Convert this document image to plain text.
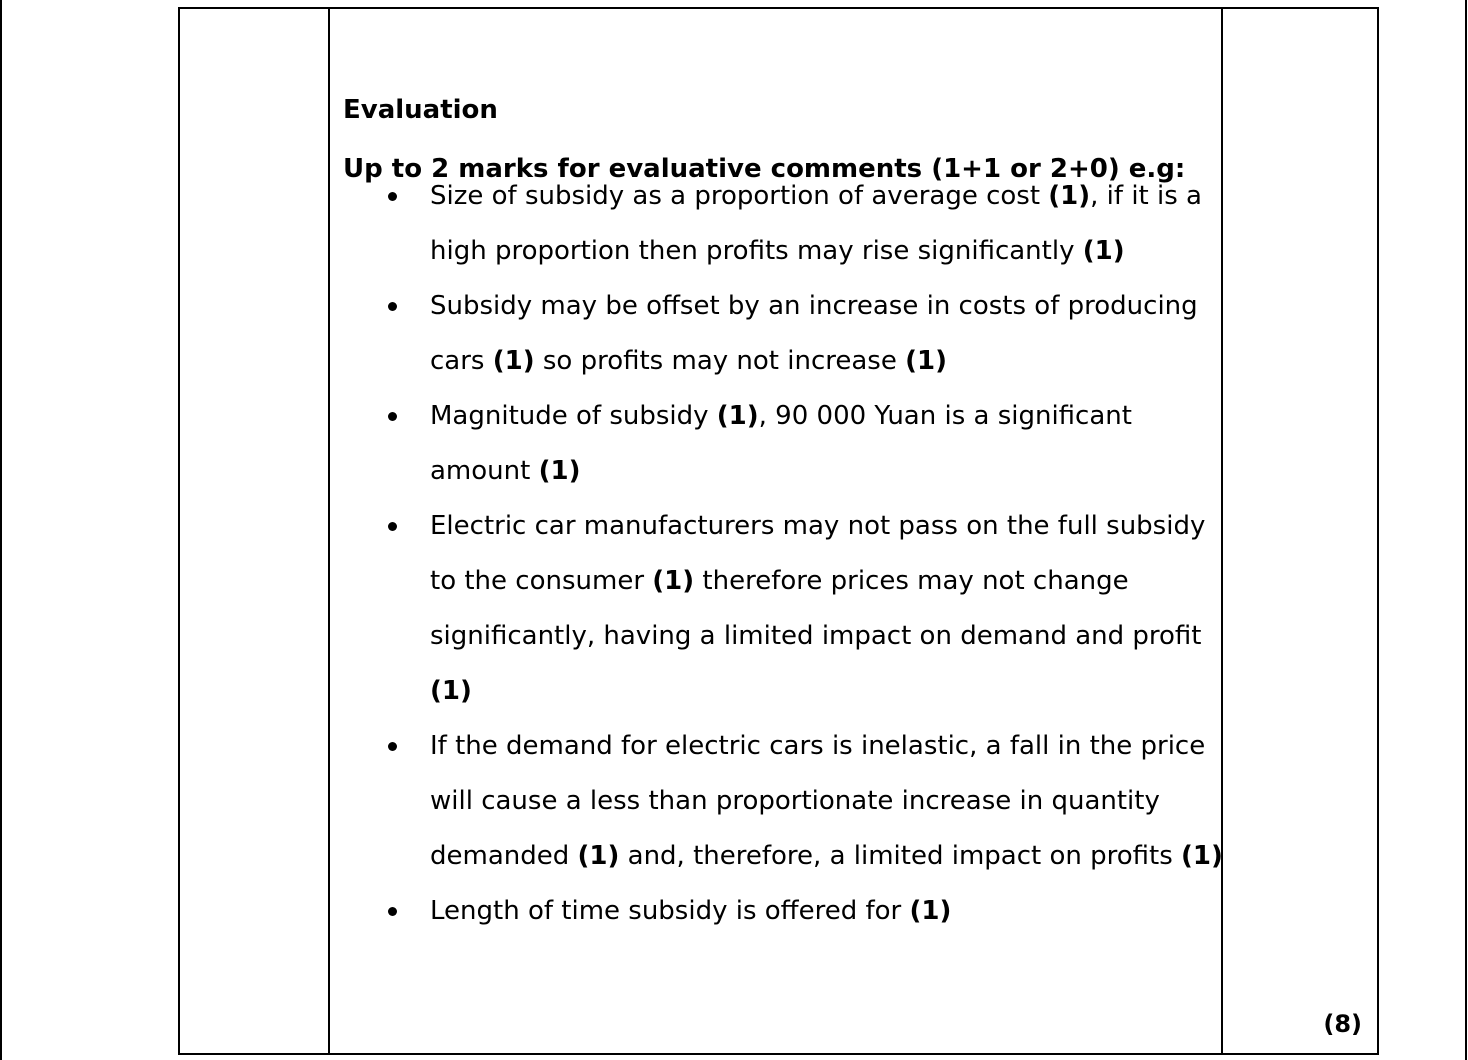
Evaluation

Up to 2 marks for evaluative comments (1+1 or 2+0) e.g:

Size of subsidy as a proportion of average cost (1), if it is a high proportion then profits may rise significantly (1)
Subsidy may be offset by an increase in costs of producing cars (1) so profits may not increase (1)
Magnitude of subsidy (1), 90 000 Yuan is a significant amount (1)
Electric car manufacturers may not pass on the full subsidy to the consumer (1) therefore prices may not change significantly, having a limited impact on demand and profit (1)
If the demand for electric cars is inelastic, a fall in the price will cause a less than proportionate increase in quantity demanded (1) and, therefore, a limited impact on profits (1)
Length of time subsidy is offered for (1)
(8)
